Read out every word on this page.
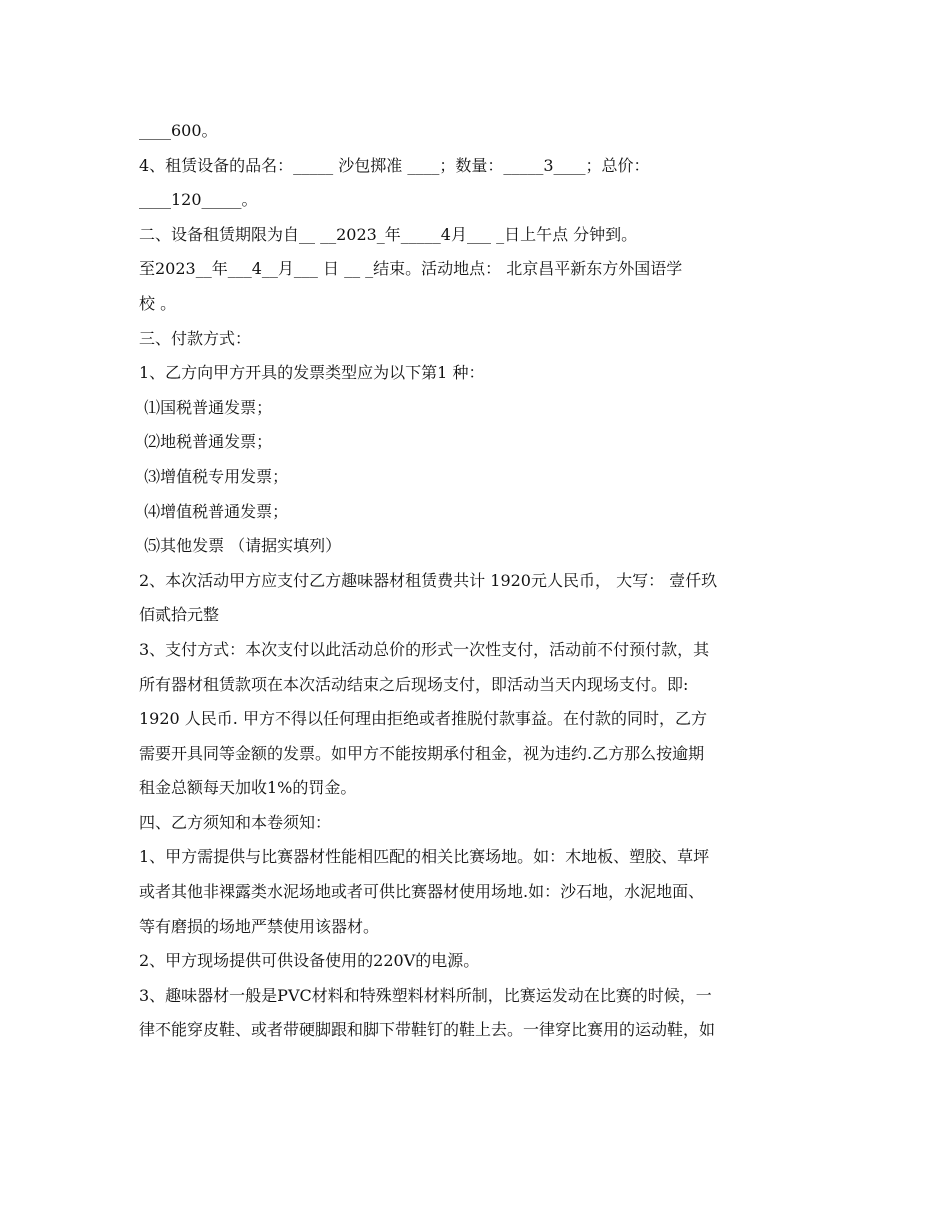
____600。
4、租赁设备的品名：_____ 沙包掷准 ____；数量：_____3____；总价：
____120_____。
二、设备租赁期限为自__ __2023_年_____4月___ _日上午点 分钟到。
至2023__年___4__月___ 日 __ _结束。活动地点： 北京昌平新东方外国语学
校 。
三、付款方式：
1、乙方向甲方开具的发票类型应为以下第1 种：
⑴国税普通发票；
⑵地税普通发票；
⑶增值税专用发票；
⑷增值税普通发票；
⑸其他发票 （请据实填列）
2、本次活动甲方应支付乙方趣味器材租赁费共计 1920元人民币， 大写： 壹仟玖
佰贰拾元整
3、支付方式：本次支付以此活动总价的形式一次性支付，活动前不付预付款，其
所有器材租赁款项在本次活动结束之后现场支付，即活动当天内现场支付。即:
1920 人民币. 甲方不得以任何理由拒绝或者推脱付款事益。在付款的同时，乙方
需要开具同等金额的发票。如甲方不能按期承付租金，视为违约.乙方那么按逾期
租金总额每天加收1%的罚金。
四、乙方须知和本卷须知：
1、甲方需提供与比赛器材性能相匹配的相关比赛场地。如：木地板、塑胶、草坪
或者其他非裸露类水泥场地或者可供比赛器材使用场地.如：沙石地，水泥地面、
等有磨损的场地严禁使用该器材。
2、甲方现场提供可供设备使用的220V的电源。
3、趣味器材一般是PVC材料和特殊塑料材料所制，比赛运发动在比赛的时候，一
律不能穿皮鞋、或者带硬脚跟和脚下带鞋钉的鞋上去。一律穿比赛用的运动鞋，如
